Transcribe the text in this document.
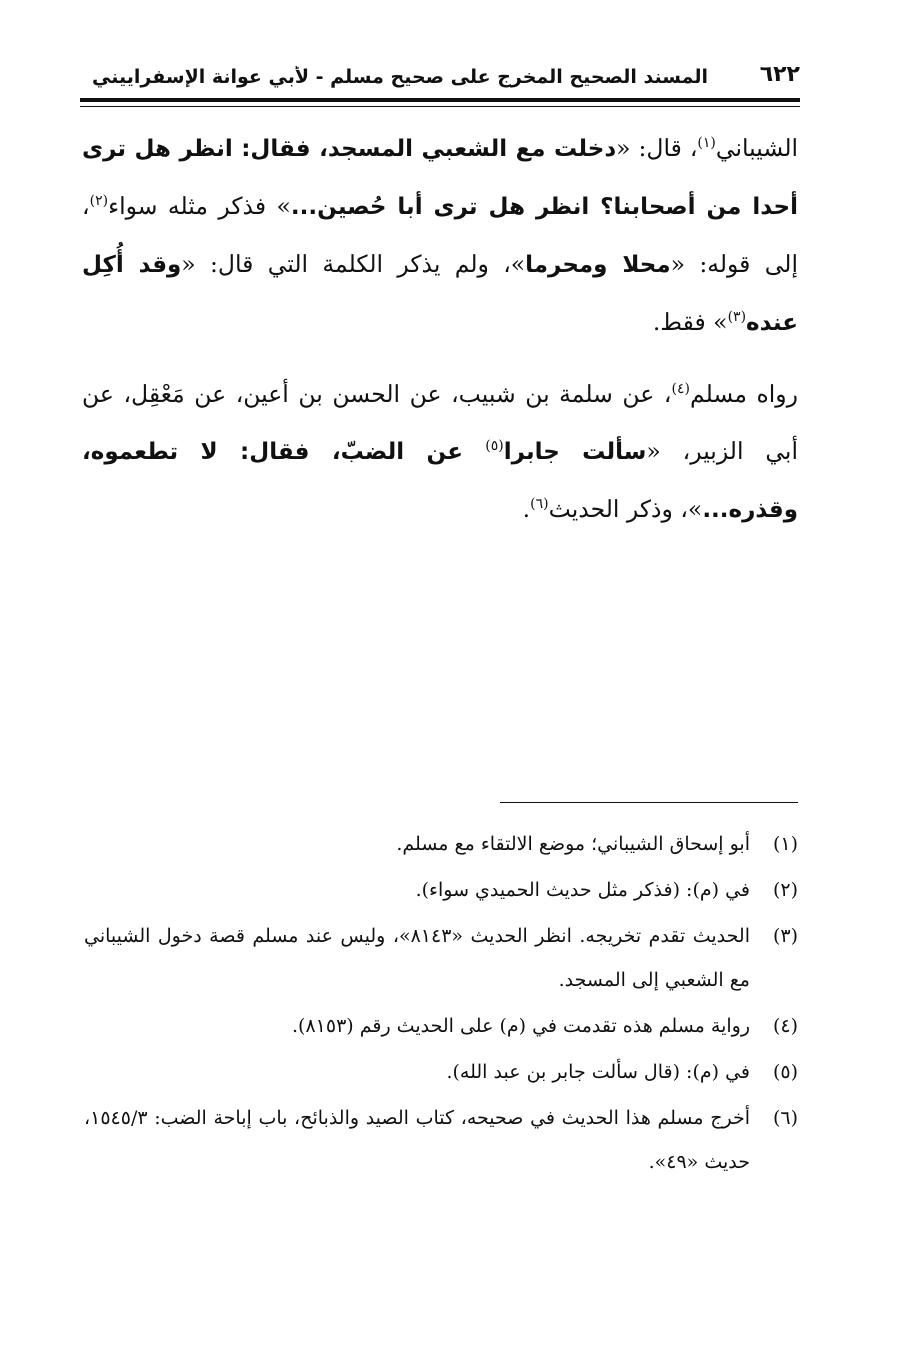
٦٢٢
المسند الصحيح المخرج على صحيح مسلم - لأبي عوانة الإسفراييني

الشيباني$^{(١)}$، قال: «دخلت مع الشعبي المسجد، فقال: انظر هل ترى أحدا من أصحابنا؟ انظر هل ترى أبا حُصين...» فذكر مثله سواء$^{(٢)}$، إلى قوله: «محلا ومحرما»، ولم يذكر الكلمة التي قال: «وقد أُكِل عنده$^{(٣)}$» فقط.

رواه مسلم$^{(٤)}$، عن سلمة بن شبيب، عن الحسن بن أعين، عن مَعْقِل، عن أبي الزبير، «سألت جابرا$^{(٥)}$ عن الضبّ، فقال: لا تطعموه، وقذره...»، وذكر الحديث$^{(٦)}$.

(١)
أبو إسحاق الشيباني؛ موضع الالتقاء مع مسلم.
(٢)
في (م): (فذكر مثل حديث الحميدي سواء).
(٣)
الحديث تقدم تخريجه. انظر الحديث «٨١٤٣»، وليس عند مسلم قصة دخول الشيباني مع الشعبي إلى المسجد.
(٤)
رواية مسلم هذه تقدمت في (م) على الحديث رقم (٨١٥٣).
(٥)
في (م): (قال سألت جابر بن عبد الله).
(٦)
أخرج مسلم هذا الحديث في صحيحه، كتاب الصيد والذبائح، باب إباحة الضب: ١٥٤٥/٣، حديث «٤٩».
